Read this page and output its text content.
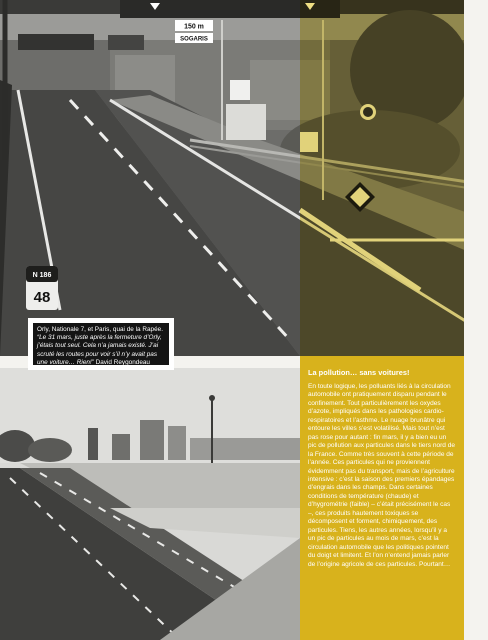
150 m
SOGARIS
N 186
48
Orly, Nationale 7, et Paris, quai de la Rapée. “Le 31 mars, juste après la fermeture d’Orly, j’étais tout seul. Cela n’a jamais existé. J’ai scruté les routes pour voir s’il n’y avait pas une voiture… Rien!” David Reygondeau

La pollution… sans voitures!

En toute logique, les polluants liés à la circulation automobile ont pratiquement disparu pendant le confinement. Tout particulièrement les oxydes d’azote, impliqués dans les pathologies cardio-respiratoires et l’asthme. Le nuage brunâtre qui entoure les villes s’est volatilisé. Mais tout n’est pas rose pour autant : fin mars, il y a bien eu un pic de pollution aux particules dans le tiers nord de la France. Comme très souvent à cette période de l’année. Ces particules qui ne proviennent évidemment pas du transport, mais de l’agriculture intensive : c’est la saison des premiers épandages d’engrais dans les champs. Dans certaines conditions de température (chaude) et d’hygrométrie (faible) – c’était précisément le cas –, ces produits hautement toxiques se décomposent et forment, chimiquement, des particules. Tiens, les autres années, lorsqu’il y a un pic de particules au mois de mars, c’est la circulation automobile que les politiques pointent du doigt et limitent. Et l’on n’entend jamais parler de l’origine agricole de ces particules. Pourtant…
